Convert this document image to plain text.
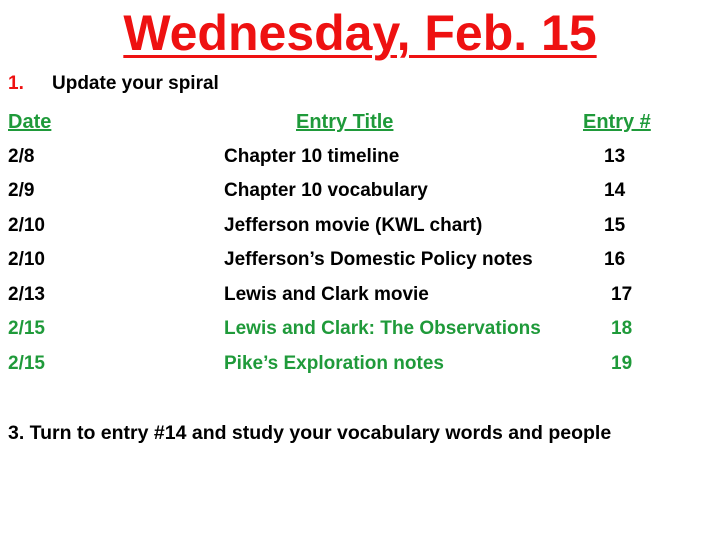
Wednesday, Feb. 15
1. Update your spiral
Date	Entry Title	Entry #
2/8	Chapter 10 timeline	13
2/9	Chapter 10 vocabulary	14
2/10	Jefferson movie (KWL chart)	15
2/10	Jefferson’s Domestic Policy notes	16
2/13	Lewis and Clark movie	17
2/15	Lewis and Clark: The Observations	18
2/15	Pike’s Exploration notes	19
3. Turn to entry #14 and study your vocabulary words and people
